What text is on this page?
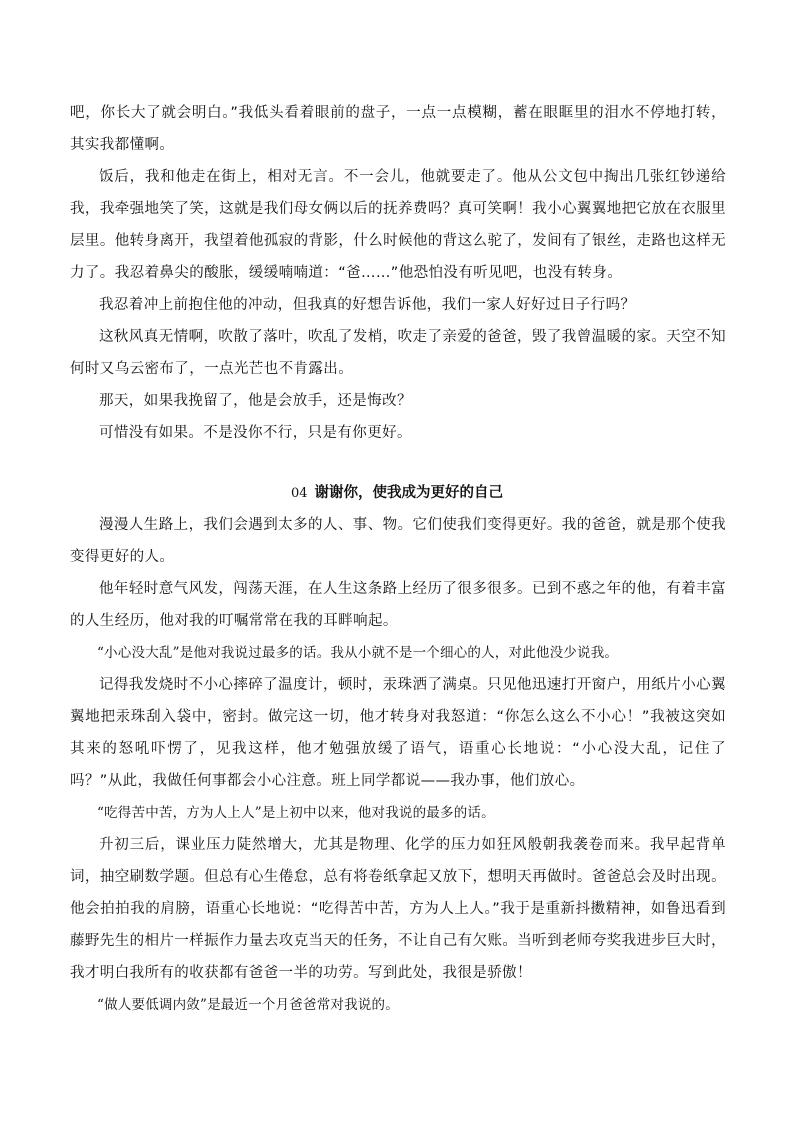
吧，你长大了就会明白。”我低头看着眼前的盘子，一点一点模糊，蓄在眼眶里的泪水不停地打转，其实我都懂啊。

饭后，我和他走在街上，相对无言。不一会儿，他就要走了。他从公文包中掏出几张红钞递给我，我牵强地笑了笑，这就是我们母女俩以后的抚养费吗？真可笑啊！我小心翼翼地把它放在衣服里层里。他转身离开，我望着他孤寂的背影，什么时候他的背这么驼了，发间有了银丝，走路也这样无力了。我忍着鼻尖的酸胀，缓缓喃喃道：“爸……”他恐怕没有听见吧，也没有转身。

我忍着冲上前抱住他的冲动，但我真的好想告诉他，我们一家人好好过日子行吗？

这秋风真无情啊，吹散了落叶，吹乱了发梢，吹走了亲爱的爸爸，毁了我曾温暖的家。天空不知何时又乌云密布了，一点光芒也不肯露出。

那天，如果我挽留了，他是会放手，还是悔改？

可惜没有如果。不是没你不行，只是有你更好。

04 谢谢你，使我成为更好的自己

漫漫人生路上，我们会遇到太多的人、事、物。它们使我们变得更好。我的爸爸，就是那个使我变得更好的人。

他年轻时意气风发，闯荡天涯，在人生这条路上经历了很多很多。已到不惑之年的他，有着丰富的人生经历，他对我的叮嘱常常在我的耳畔响起。

“小心没大乱”是他对我说过最多的话。我从小就不是一个细心的人，对此他没少说我。

记得我发烧时不小心摔碎了温度计，顿时，汞珠洒了满桌。只见他迅速打开窗户，用纸片小心翼翼地把汞珠刮入袋中，密封。做完这一切，他才转身对我怒道：“你怎么这么不小心！”我被这突如其来的怒吼吓愣了，见我这样，他才勉强放缓了语气，语重心长地说：“小心没大乱，记住了吗？”从此，我做任何事都会小心注意。班上同学都说——我办事，他们放心。

“吃得苦中苦，方为人上人”是上初中以来，他对我说的最多的话。

升初三后，课业压力陡然增大，尤其是物理、化学的压力如狂风般朝我袭卷而来。我早起背单词，抽空刷数学题。但总有心生倦怠，总有将卷纸拿起又放下，想明天再做时。爸爸总会及时出现。他会拍拍我的肩膀，语重心长地说：“吃得苦中苦，方为人上人。”我于是重新抖擞精神，如鲁迅看到藤野先生的相片一样振作力量去攻克当天的任务，不让自己有欠账。当听到老师夸奖我进步巨大时，我才明白我所有的收获都有爸爸一半的功劳。写到此处，我很是骄傲！

“做人要低调内敛”是最近一个月爸爸常对我说的。
